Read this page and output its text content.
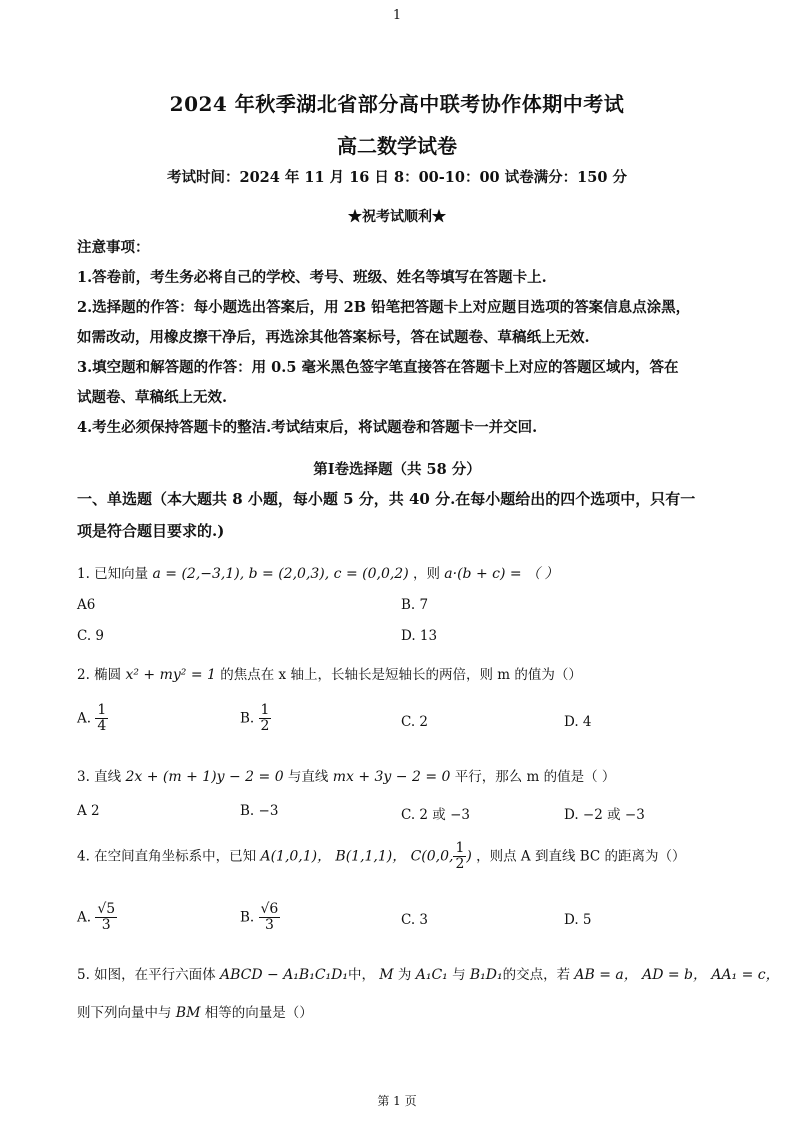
1
2024 年秋季湖北省部分高中联考协作体期中考试
高二数学试卷
考试时间：2024 年 11 月 16 日 8：00-10：00 试卷满分：150 分
★祝考试顺利★

注意事项：

1.答卷前，考生务必将自己的学校、考号、班级、姓名等填写在答题卡上.

2.选择题的作答：每小题选出答案后，用 2B 铅笔把答题卡上对应题目选项的答案信息点涂黑，

如需改动，用橡皮擦干净后，再选涂其他答案标号，答在试题卷、草稿纸上无效.

3.填空题和解答题的作答：用 0.5 毫米黑色签字笔直接答在答题卡上对应的答题区域内，答在

试题卷、草稿纸上无效.

4.考生必须保持答题卡的整洁.考试结束后，将试题卷和答题卡一并交回.

第Ⅰ卷选择题（共 58 分）
一、单选题（本大题共 8 小题，每小题 5 分，共 40 分.在每小题给出的四个选项中，只有一
项是符合题目要求的.)
1. 已知向量 a = (2,−3,1), b = (2,0,3), c = (0,0,2) ，则 a·(b + c) = （ ）
A6	B. 7
C. 9	D. 13
2. 椭圆 x² + my² = 1 的焦点在 x 轴上，长轴长是短轴长的两倍，则 m 的值为（）
A. $\frac{1}{4}$	B. $\frac{1}{2}$	C. 2	D. 4
3. 直线 2x + (m + 1)y − 2 = 0 与直线 mx + 3y − 2 = 0 平行，那么 m 的值是（ ）
A 2	B. −3	C. 2 或 −3	D. −2 或 −3
4. 在空间直角坐标系中，已知 A(1,0,1)， B(1,1,1)， C(0,0, $\frac{1}{2}$ ) ，则点 A 到直线 BC 的距离为（）
A. $\frac{√5}{3}$	B. $\frac{√6}{3}$	C. 3	D. 5
5. 如图，在平行六面体 ABCD − A₁B₁C₁D₁中， M 为 A₁C₁ 与 B₁D₁的交点，若 AB = a， AD = b， AA₁ = c，
则下列向量中与 BM 相等的向量是（）
第 1 页
